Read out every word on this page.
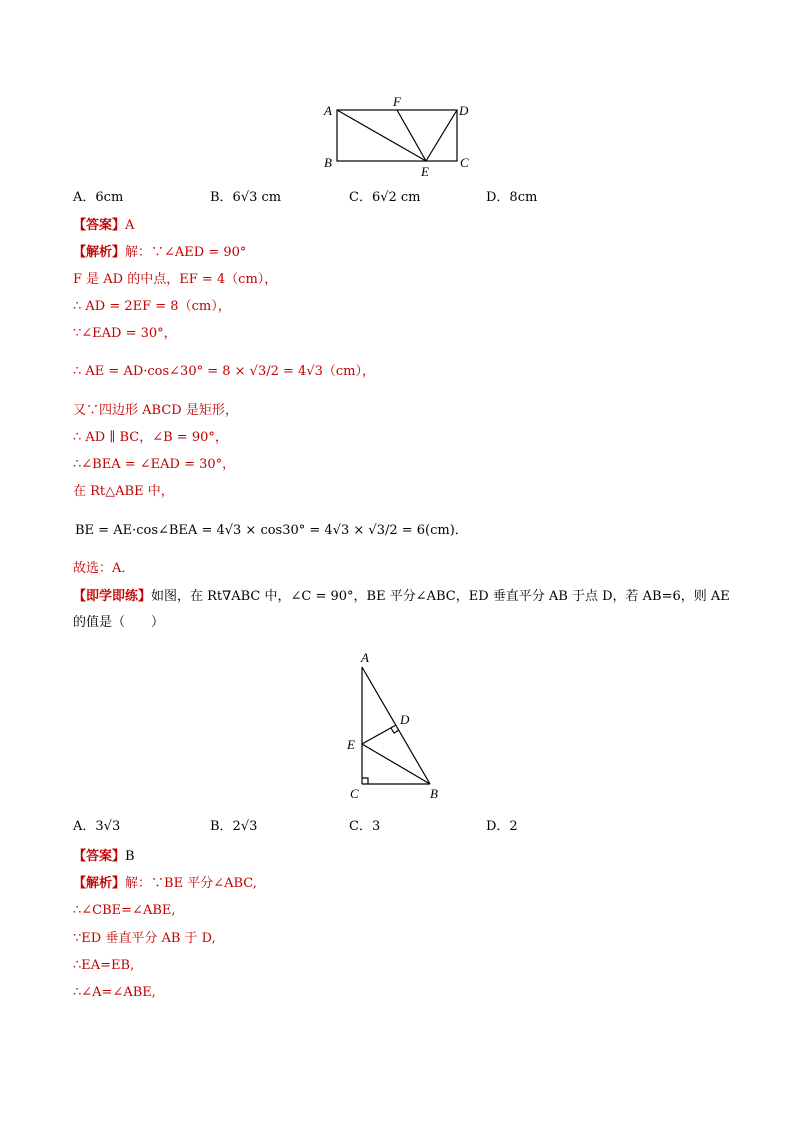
A
F
D
B
E
C
A．6cm	B．6√3 cm	C．6√2 cm	D．8cm
【答案】A
【解析】解：∵∠AED = 90°
F 是 AD 的中点，EF = 4（cm），
∴ AD = 2EF = 8（cm），
∵∠EAD = 30°，
∴ AE = AD·cos∠30° = 8 × √3/2 = 4√3（cm），
又∵四边形 ABCD 是矩形，
∴ AD ∥ BC，∠B = 90°，
∴∠BEA = ∠EAD = 30°，
在 Rt△ABE 中，
BE = AE·cos∠BEA = 4√3 × cos30° = 4√3 × √3/2 = 6(cm)．
故选：A．
【即学即练】如图，在 Rt∇ABC 中，∠C = 90°，BE 平分∠ABC，ED 垂直平分 AB 于点 D，若 AB=6，则 AE
的值是（　　）
A
D
E
C	B
A．3√3	B．2√3	C．3	D．2
【答案】B
【解析】解：∵BE 平分∠ABC,
∴∠CBE=∠ABE,
∵ED 垂直平分 AB 于 D,
∴EA=EB,
∴∠A=∠ABE,
